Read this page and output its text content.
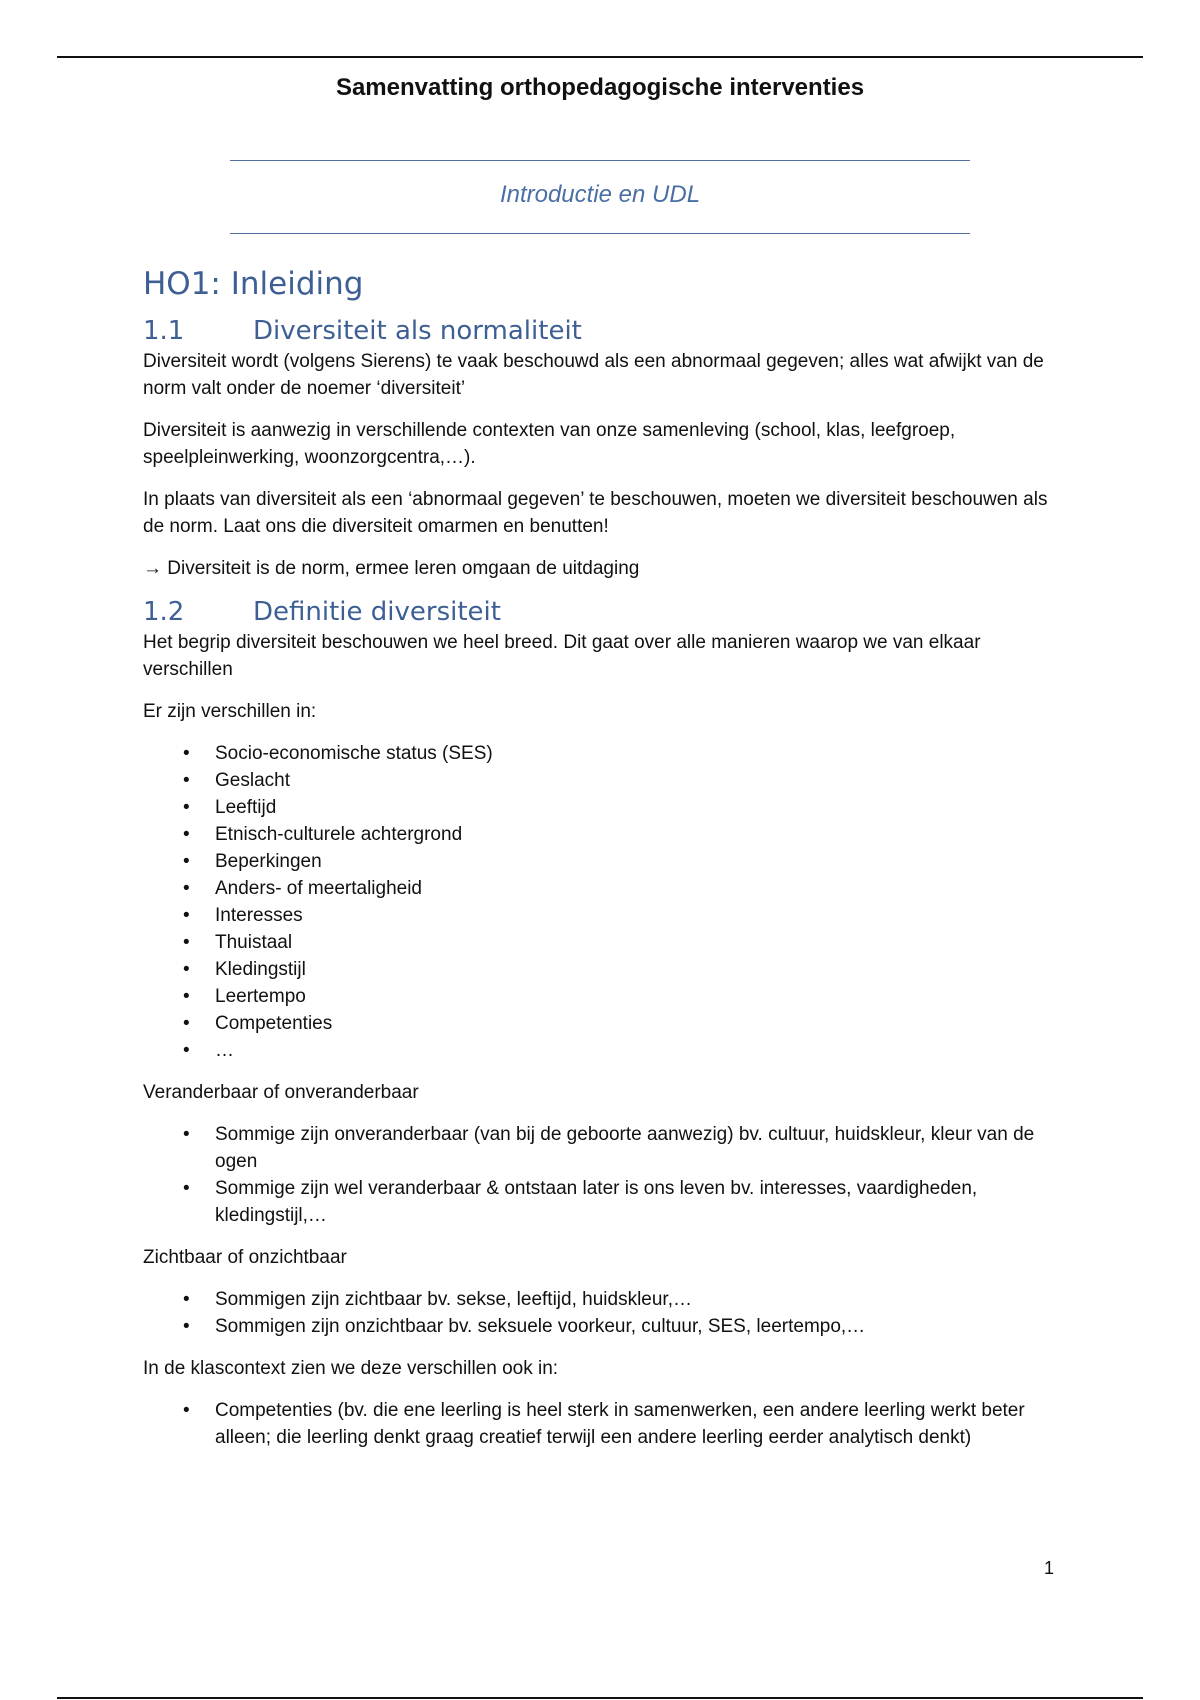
Samenvatting orthopedagogische interventies
Introductie en UDL
HO1: Inleiding
1.1	Diversiteit als normaliteit

Diversiteit wordt (volgens Sierens) te vaak beschouwd als een abnormaal gegeven; alles wat afwijkt van de norm valt onder de noemer ‘diversiteit’

Diversiteit is aanwezig in verschillende contexten van onze samenleving (school, klas, leefgroep, speelpleinwerking, woonzorgcentra,…).

In plaats van diversiteit als een ‘abnormaal gegeven’ te beschouwen, moeten we diversiteit beschouwen als de norm. Laat ons die diversiteit omarmen en benutten!

→ Diversiteit is de norm, ermee leren omgaan de uitdaging

1.2	Definitie diversiteit

Het begrip diversiteit beschouwen we heel breed. Dit gaat over alle manieren waarop we van elkaar verschillen

Er zijn verschillen in:

•	Socio-economische status (SES)
•	Geslacht
•	Leeftijd
•	Etnisch-culturele achtergrond
•	Beperkingen
•	Anders- of meertaligheid
•	Interesses
•	Thuistaal
•	Kledingstijl
•	Leertempo
•	Competenties
•	…

Veranderbaar of onveranderbaar

•	Sommige zijn onveranderbaar (van bij de geboorte aanwezig) bv. cultuur, huidskleur, kleur van de ogen
•	Sommige zijn wel veranderbaar & ontstaan later is ons leven bv. interesses, vaardigheden, kledingstijl,…

Zichtbaar of onzichtbaar

•	Sommigen zijn zichtbaar bv. sekse, leeftijd, huidskleur,…
•	Sommigen zijn onzichtbaar bv. seksuele voorkeur, cultuur, SES, leertempo,…

In de klascontext zien we deze verschillen ook in:

•	Competenties (bv. die ene leerling is heel sterk in samenwerken, een andere leerling werkt beter alleen; die leerling denkt graag creatief terwijl een andere leerling eerder analytisch denkt)
1
